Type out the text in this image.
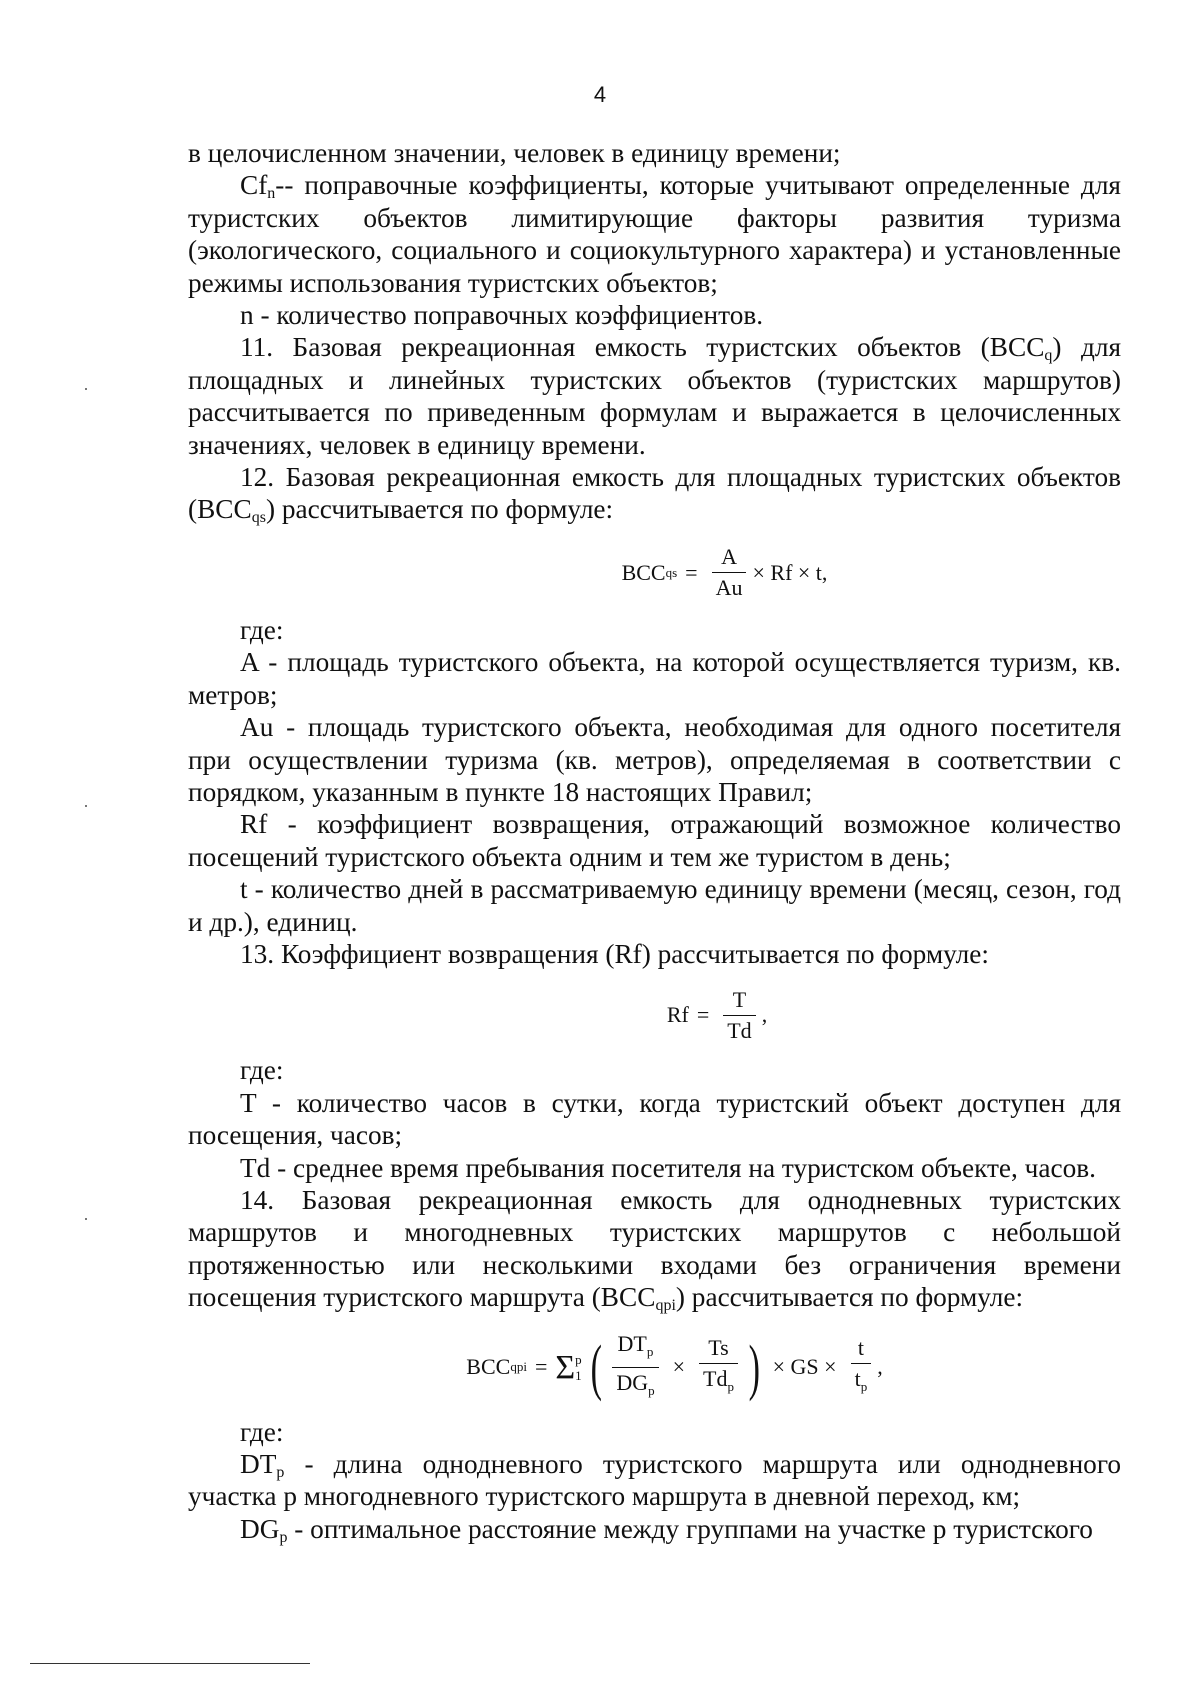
4

в целочисленном значении, человек в единицу времени;

$Cf_n--$ поправочные коэффициенты, которые учитывают определенные для туристских объектов лимитирующие факторы развития туризма (экологического, социального и социокультурного характера) и установленные режимы использования туристских объектов;

n - количество поправочных коэффициентов.

11. Базовая рекреационная емкость туристских объектов $(BCC_q)$ для площадных и линейных туристских объектов (туристских маршрутов) рассчитывается по приведенным формулам и выражается в целочисленных значениях, человек в единицу времени.

12. Базовая рекреационная емкость для площадных туристских объектов $(BCC_{qs})$ рассчитывается по формуле:

BCC qs = $\frac{A}{Au} \times Rf \times t$,

где:

A - площадь туристского объекта, на которой осуществляется туризм, кв. метров;

Au - площадь туристского объекта, необходимая для одного посетителя при осуществлении туризма (кв. метров), определяемая в соответствии с порядком, указанным в пункте 18 настоящих Правил;

Rf - коэффициент возвращения, отражающий возможное количество посещений туристского объекта одним и тем же туристом в день;

t - количество дней в рассматриваемую единицу времени (месяц, сезон, год и др.), единиц.

13. Коэффициент возвращения (Rf) рассчитывается по формуле:

$Rf = \frac{T}{Td}$ ,

где:

T - количество часов в сутки, когда туристский объект доступен для посещения, часов;

Td - среднее время пребывания посетителя на туристском объекте, часов.

14. Базовая рекреационная емкость для однодневных туристских маршрутов и многодневных туристских маршрутов с небольшой протяженностью или несколькими входами без ограничения времени посещения туристского маршрута $(BCC_{qpi})$ рассчитывается по формуле:

BCC qpi = Σ p
1 ( $\frac{DT_p}{DG_p} \times \frac{Ts}{Td_p}$ ) × GS × $\frac{t}{t_p}$ ,

где:

$DT_p$ - длина однодневного туристского маршрута или однодневного участка p многодневного туристского маршрута в дневной переход, км;

$DG_p$ - оптимальное расстояние между группами на участке p туристского
